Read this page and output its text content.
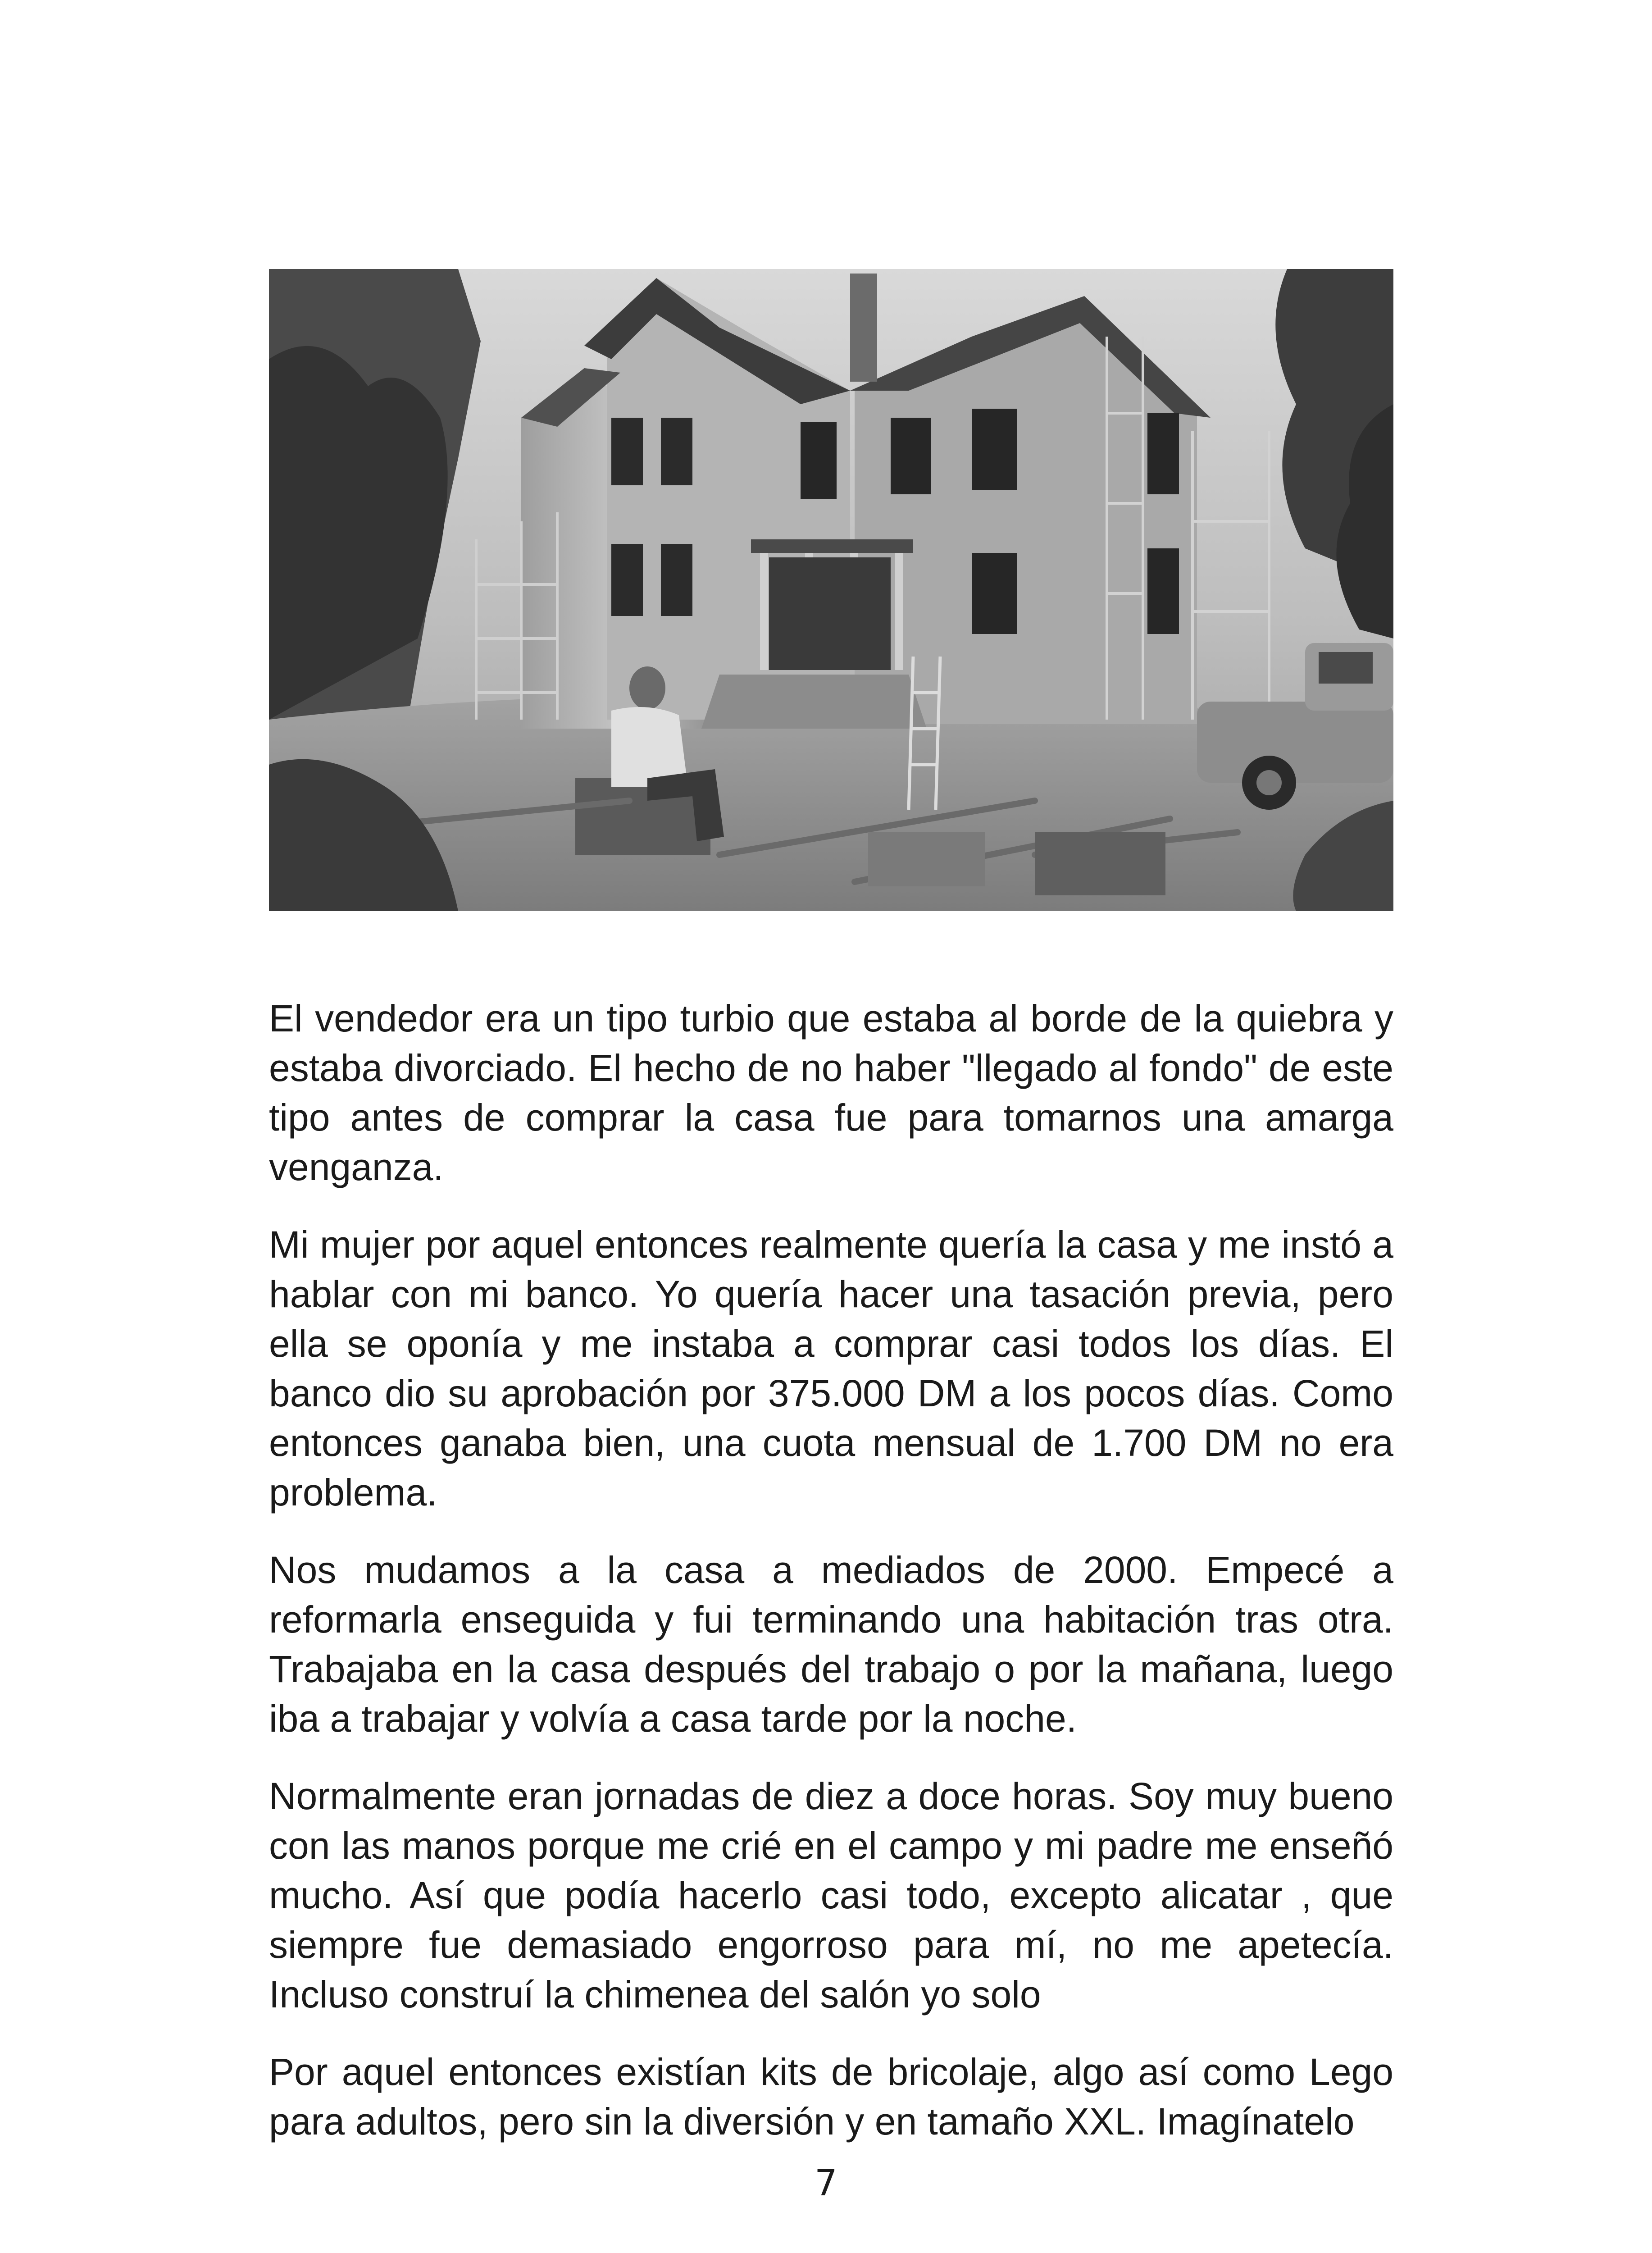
El vendedor era un tipo turbio que estaba al borde de la quiebra y estaba divorciado. El hecho de no haber "llegado al fondo" de este tipo antes de comprar la casa fue para tomarnos una amarga venganza.

Mi mujer por aquel entonces realmente quería la casa y me instó a hablar con mi banco. Yo quería hacer una tasación previa, pero ella se oponía y me instaba a comprar casi todos los días. El banco dio su aprobación por 375.000 DM a los pocos días. Como entonces ganaba bien, una cuota mensual de 1.700 DM no era problema.

Nos mudamos a la casa a mediados de 2000. Empecé a reformarla enseguida y fui terminando una habitación tras otra. Trabajaba en la casa después del trabajo o por la mañana, luego iba a trabajar y volvía a casa tarde por la noche.

Normalmente eran jornadas de diez a doce horas. Soy muy bueno con las manos porque me crié en el campo y mi padre me enseñó mucho. Así que podía hacerlo casi todo, excepto alicatar , que siempre fue demasiado engorroso para mí, no me apetecía. Incluso construí la chimenea del salón yo solo

Por aquel entonces existían kits de bricolaje, algo así como Lego para adultos, pero sin la diversión y en tamaño XXL. Imagínatelo

7
